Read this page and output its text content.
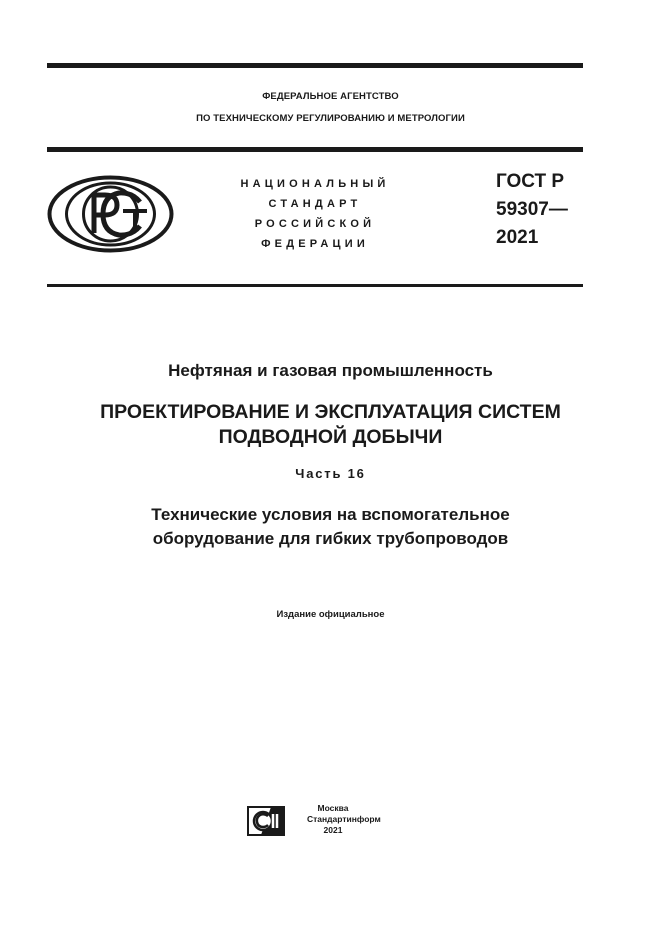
ФЕДЕРАЛЬНОЕ АГЕНТСТВО
ПО ТЕХНИЧЕСКОМУ РЕГУЛИРОВАНИЮ И МЕТРОЛОГИИ
НАЦИОНАЛЬНЫЙ
СТАНДАРТ
РОССИЙСКОЙ
ФЕДЕРАЦИИ
ГОСТ Р
59307—
2021
Нефтяная и газовая промышленность
ПРОЕКТИРОВАНИЕ И ЭКСПЛУАТАЦИЯ СИСТЕМ
ПОДВОДНОЙ ДОБЫЧИ
Часть 16
Технические условия на вспомогательное
оборудование для гибких трубопроводов
Издание официальное
Москва
Стандартинформ
2021
